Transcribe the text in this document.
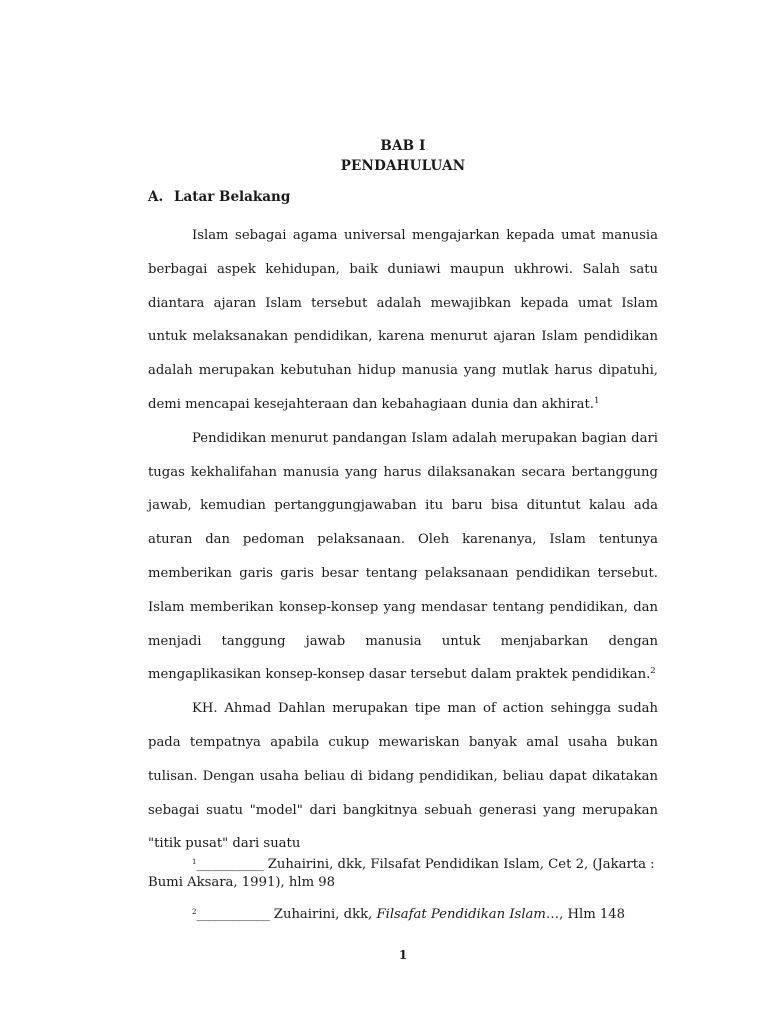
BAB I
PENDAHULUAN
A. Latar Belakang

Islam sebagai agama universal mengajarkan kepada umat manusia berbagai aspek kehidupan, baik duniawi maupun ukhrowi. Salah satu diantara ajaran Islam tersebut adalah mewajibkan kepada umat Islam untuk melaksanakan pendidikan, karena menurut ajaran Islam pendidikan adalah merupakan kebutuhan hidup manusia yang mutlak harus dipatuhi, demi mencapai kesejahteraan dan kebahagiaan dunia dan akhirat.$^1$

Pendidikan menurut pandangan Islam adalah merupakan bagian dari tugas kekhalifahan manusia yang harus dilaksanakan secara bertanggung jawab, kemudian pertanggungjawaban itu baru bisa dituntut kalau ada aturan dan pedoman pelaksanaan. Oleh karenanya, Islam tentunya memberikan garis garis besar tentang pelaksanaan pendidikan tersebut. Islam memberikan konsep-konsep yang mendasar tentang pendidikan, dan menjadi tanggung jawab manusia untuk menjabarkan dengan mengaplikasikan konsep-konsep dasar tersebut dalam praktek pendidikan.$^2$

KH. Ahmad Dahlan merupakan tipe man of action sehingga sudah pada tempatnya apabila cukup mewariskan banyak amal usaha bukan tulisan. Dengan usaha beliau di bidang pendidikan, beliau dapat dikatakan sebagai suatu "model" dari bangkitnya sebuah generasi yang merupakan "titik pusat" dari suatu

$^1$___________ Zuhairini, dkk, Filsafat Pendidikan Islam, Cet 2, (Jakarta : Bumi Aksara, 1991), hlm 98
$^2$____________ Zuhairini, dkk, Filsafat Pendidikan Islam…, Hlm 148
1
